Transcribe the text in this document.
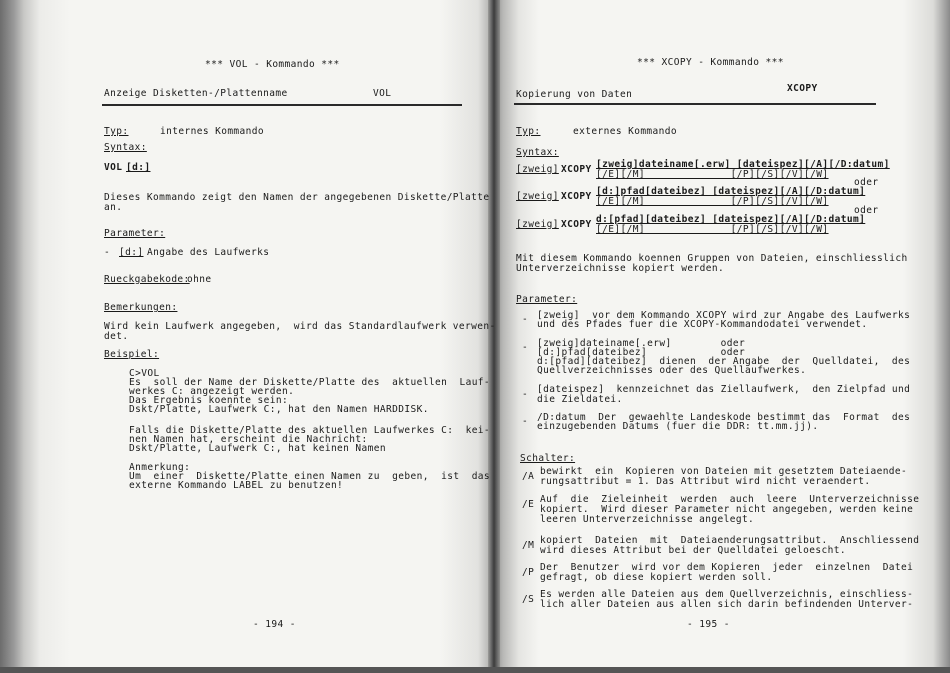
*** VOL - Kommando ***
Anzeige Disketten-/Plattenname	VOL
Typ:	internes Kommando
Syntax:
VOL [d:]
Dieses Kommando zeigt den Namen der angegebenen Diskette/Platte
an.
Parameter:
- [d:] Angabe des Laufwerks
Rueckgabekode:
ohne
Bemerkungen:
Wird kein Laufwerk angegeben,  wird das Standardlaufwerk verwen-
det.
Beispiel:
C>VOL
Es  soll der Name der Diskette/Platte des  aktuellen  Lauf-
werkes C: angezeigt werden.
Das Ergebnis koennte sein:
Dskt/Platte, Laufwerk C:, hat den Namen HARDDISK.
Falls die Diskette/Platte des aktuellen Laufwerkes C:  kei-
nen Namen hat, erscheint die Nachricht:
Dskt/Platte, Laufwerk C:, hat keinen Namen
Anmerkung:
Um  einer  Diskette/Platte einen Namen zu  geben,  ist  das
externe Kommando LABEL zu benutzen!
- 194 -
*** XCOPY - Kommando ***
Kopierung von Daten
XCOPY
Typ:	externes Kommando
Syntax:
[zweig] XCOPY [zweig]dateiname[.erw] [dateispez][/A][/D:datum]
[/E][/M]              [/P][/S][/V][/W]
oder
[zweig] XCOPY [d:]pfad[dateibez] [dateispez][/A][/D:datum]
[/E][/M]              [/P][/S][/V][/W]
oder
[zweig] XCOPY d:[pfad][dateibez] [dateispez][/A][/D:datum]
[/E][/M]              [/P][/S][/V][/W]
Mit diesem Kommando koennen Gruppen von Dateien, einschliesslich
Unterverzeichnisse kopiert werden.
Parameter:
- [zweig]  vor dem Kommando XCOPY wird zur Angabe des Laufwerks
und des Pfades fuer die XCOPY-Kommandodatei verwendet.
- [zweig]dateiname[.erw]        oder
[d:]pfad[dateibez]            oder
d:[pfad][dateibez]  dienen  der Angabe  der  Quelldatei,  des
Quellverzeichnisses oder des Quellaufwerkes.
- [dateispez]  kennzeichnet das Ziellaufwerk,  den Zielpfad und
die Zieldatei.
- /D:datum  Der  gewaehlte Landeskode bestimmt das  Format  des
einzugebenden Datums (fuer die DDR: tt.mm.jj).
Schalter:
/A bewirkt  ein  Kopieren von Dateien mit gesetztem Dateiaende-
rungsattribut = 1. Das Attribut wird nicht veraendert.
/E Auf  die  Zieleinheit  werden  auch  leere  Unterverzeichnisse
kopiert.  Wird dieser Parameter nicht angegeben, werden keine
leeren Unterverzeichnisse angelegt.
/M kopiert  Dateien  mit  Dateiaenderungsattribut.  Anschliessend
wird dieses Attribut bei der Quelldatei geloescht.
/P Der  Benutzer  wird vor dem Kopieren  jeder  einzelnen  Datei
gefragt, ob diese kopiert werden soll.
/S Es werden alle Dateien aus dem Quellverzeichnis, einschliess-
lich aller Dateien aus allen sich darin befindenden Unterver-
- 195 -
